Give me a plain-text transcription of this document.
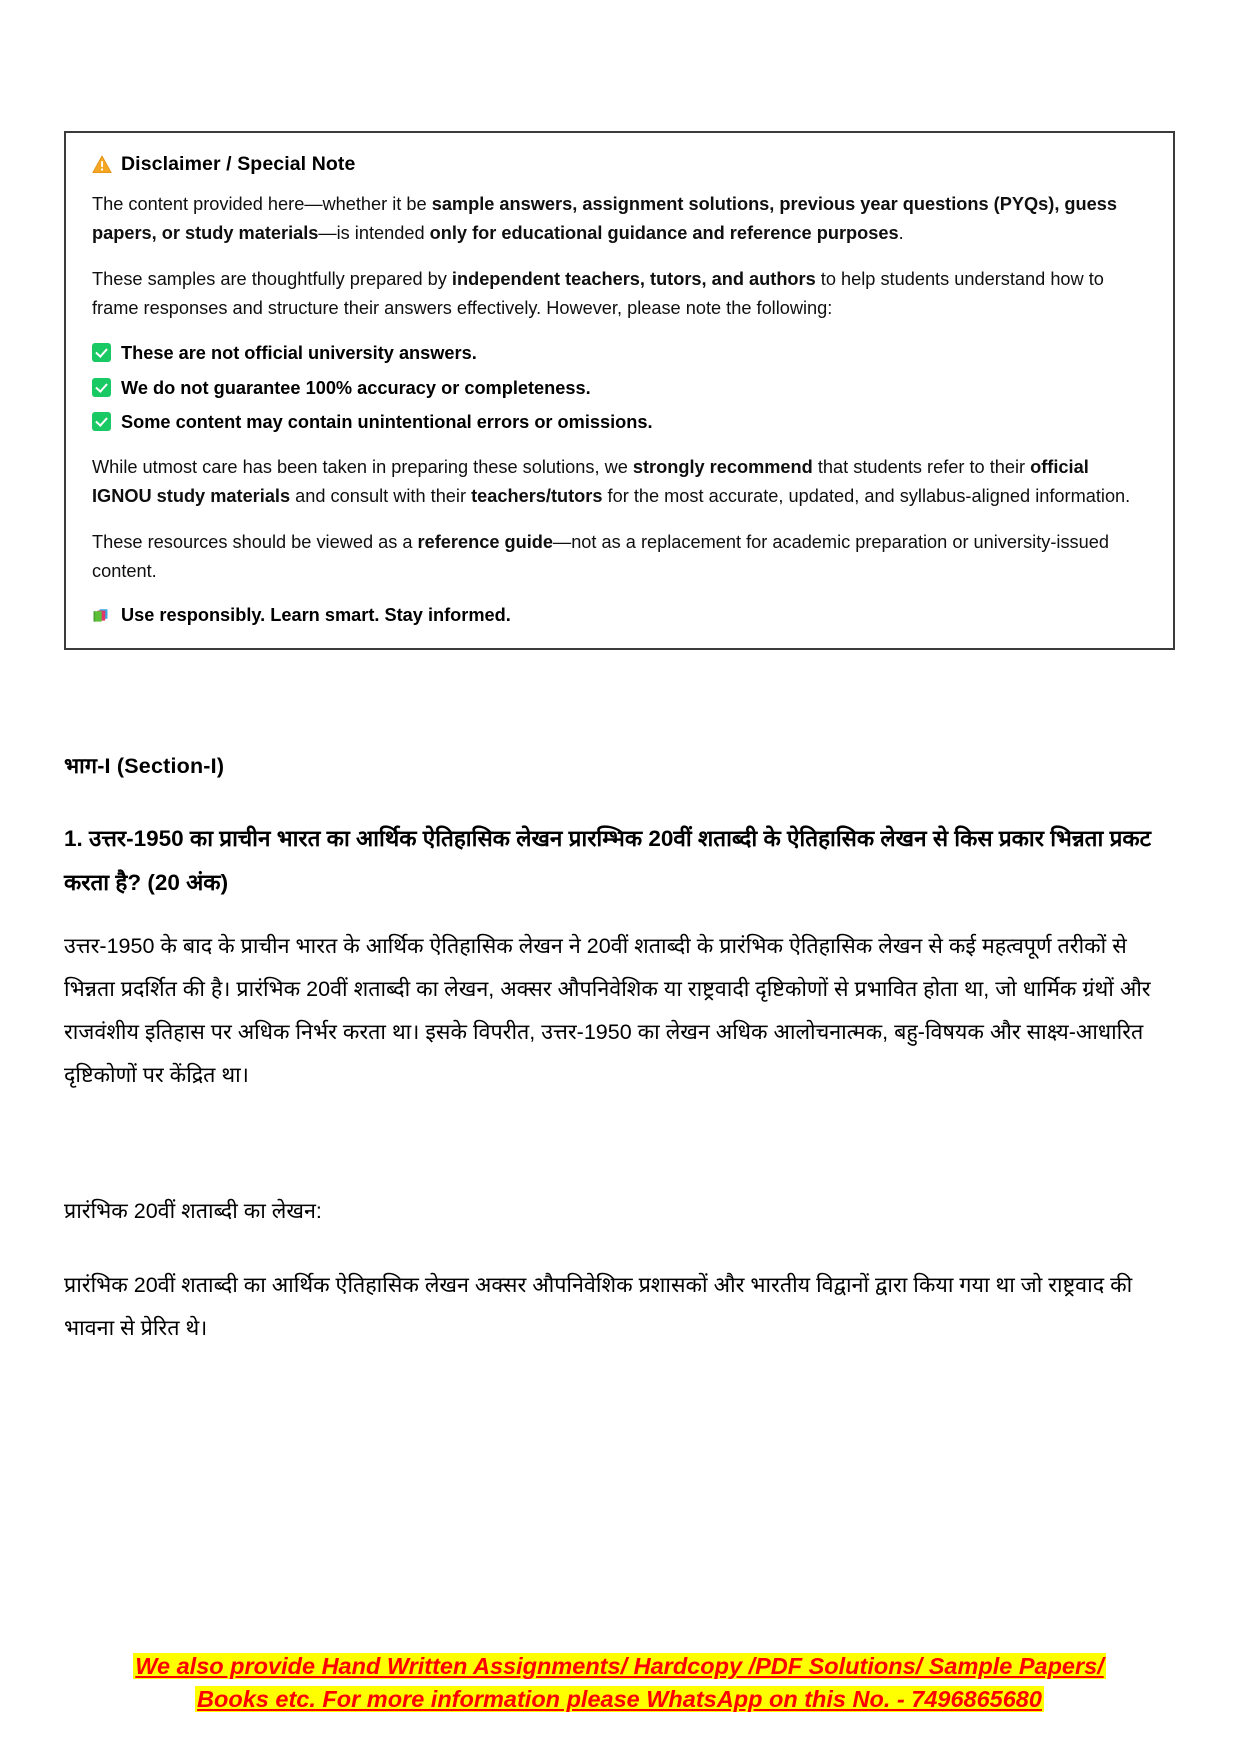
Disclaimer / Special Note

The content provided here—whether it be sample answers, assignment solutions, previous year questions (PYQs), guess papers, or study materials—is intended only for educational guidance and reference purposes.

These samples are thoughtfully prepared by independent teachers, tutors, and authors to help students understand how to frame responses and structure their answers effectively. However, please note the following:

These are not official university answers.
We do not guarantee 100% accuracy or completeness.
Some content may contain unintentional errors or omissions.

While utmost care has been taken in preparing these solutions, we strongly recommend that students refer to their official IGNOU study materials and consult with their teachers/tutors for the most accurate, updated, and syllabus-aligned information.

These resources should be viewed as a reference guide—not as a replacement for academic preparation or university-issued content.

Use responsibly. Learn smart. Stay informed.
भाग-I (Section-I)
1. उत्तर-1950 का प्राचीन भारत का आर्थिक ऐतिहासिक लेखन प्रारम्भिक 20वीं शताब्दी के ऐतिहासिक लेखन से किस प्रकार भिन्नता प्रकट करता है? (20 अंक)
उत्तर-1950 के बाद के प्राचीन भारत के आर्थिक ऐतिहासिक लेखन ने 20वीं शताब्दी के प्रारंभिक ऐतिहासिक लेखन से कई महत्वपूर्ण तरीकों से भिन्नता प्रदर्शित की है। प्रारंभिक 20वीं शताब्दी का लेखन, अक्सर औपनिवेशिक या राष्ट्रवादी दृष्टिकोणों से प्रभावित होता था, जो धार्मिक ग्रंथों और राजवंशीय इतिहास पर अधिक निर्भर करता था। इसके विपरीत, उत्तर-1950 का लेखन अधिक आलोचनात्मक, बहु-विषयक और साक्ष्य-आधारित दृष्टिकोणों पर केंद्रित था।
प्रारंभिक 20वीं शताब्दी का लेखन:
प्रारंभिक 20वीं शताब्दी का आर्थिक ऐतिहासिक लेखन अक्सर औपनिवेशिक प्रशासकों और भारतीय विद्वानों द्वारा किया गया था जो राष्ट्रवाद की भावना से प्रेरित थे।
We also provide Hand Written Assignments/ Hardcopy /PDF Solutions/ Sample Papers/
Books etc. For more information please WhatsApp on this No. - 7496865680
